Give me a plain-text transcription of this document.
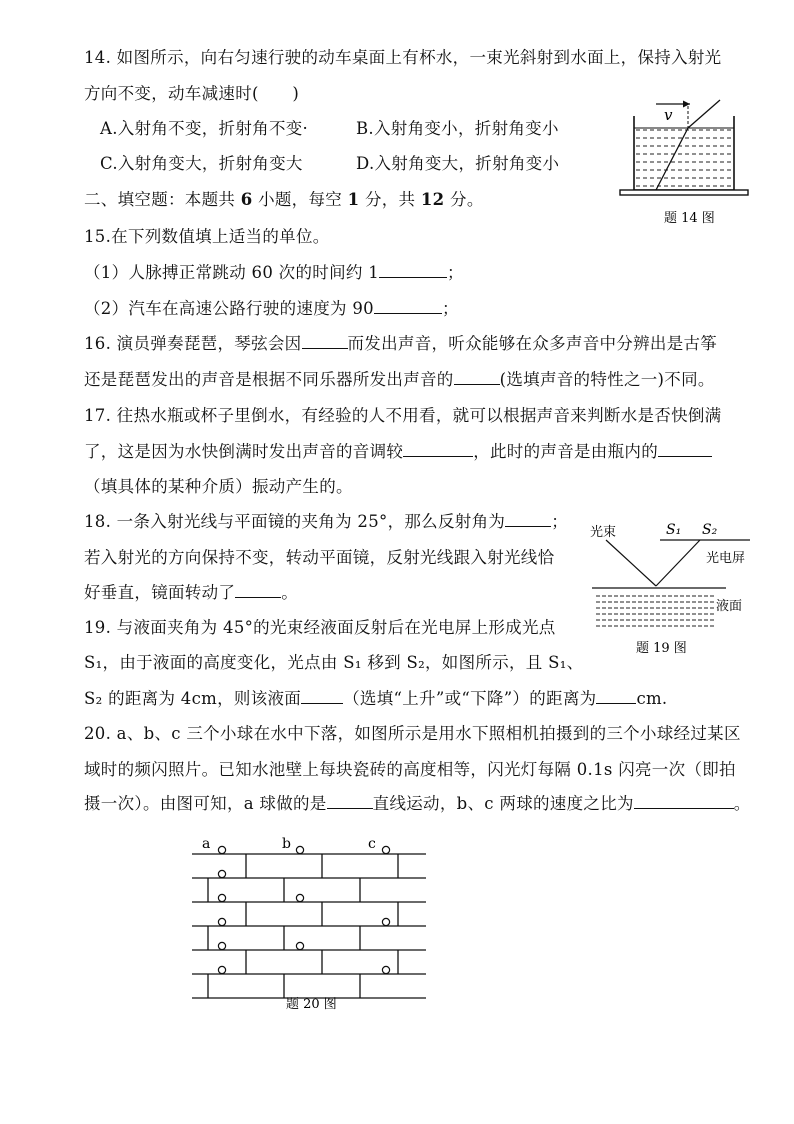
14. 如图所示，向右匀速行驶的动车桌面上有杯水，一束光斜射到水面上，保持入射光
方向不变，动车减速时(　　)
A.入射角不变，折射角不变·	B.入射角变小，折射角变小
C.入射角变大，折射角变大	D.入射角变大，折射角变小
v
题 14 图
二、填空题：本题共 6 小题，每空 1 分，共 12 分。
15.在下列数值填上适当的单位。
（1）人脉搏正常跳动 60 次的时间约 1	；
（2）汽车在高速公路行驶的速度为 90	；
16. 演员弹奏琵琶，琴弦会因	而发出声音，听众能够在众多声音中分辨出是古筝
还是琵琶发出的声音是根据不同乐器所发出声音的	(选填声音的特性之一)不同。
17. 往热水瓶或杯子里倒水，有经验的人不用看，就可以根据声音来判断水是否快倒满
了，这是因为水快倒满时发出声音的音调较	，此时的声音是由瓶内的
（填具体的某种介质）振动产生的。
18. 一条入射光线与平面镜的夹角为 25°，那么反射角为	；
若入射光的方向保持不变，转动平面镜，反射光线跟入射光线恰
好垂直，镜面转动了	。
光束	S₁ S₂
光电屏
液面
题 19 图
19. 与液面夹角为 45°的光束经液面反射后在光电屏上形成光点
S₁，由于液面的高度变化，光点由 S₁ 移到 S₂，如图所示，且 S₁、
S₂ 的距离为 4cm，则该液面	（选填“上升”或“下降”）的距离为 cm.
20. a、b、c 三个小球在水中下落，如图所示是用水下照相机拍摄到的三个小球经过某区
域时的频闪照片。已知水池壁上每块瓷砖的高度相等，闪光灯每隔 0.1s 闪亮一次（即拍
摄一次）。由图可知，a 球做的是	直线运动，b、c 两球的速度之比为	。
a	b	c
题 20 图
